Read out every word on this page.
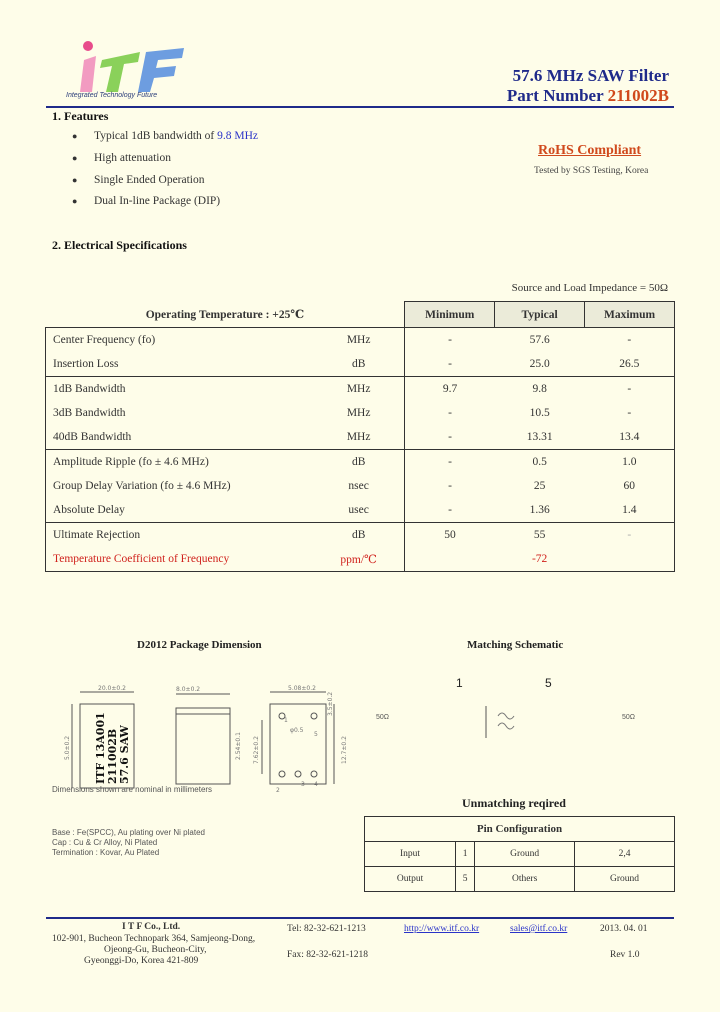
Integrated Technology Future
57.6 MHz SAW Filter
Part Number 211002B
1. Features
● Typical 1dB bandwidth of 9.8 MHz
● High attenuation
● Single Ended Operation
● Dual In-line Package (DIP)
RoHS Compliant
Tested by SGS Testing, Korea
2. Electrical Specifications
Source and Load Impedance = 50Ω
Operating Temperature : +25℃		Minimum	Typical	Maximum
Center Frequency (fo)	MHz	-	57.6	-
Insertion Loss	dB	-	25.0	26.5
1dB Bandwidth	MHz	9.7	9.8	-
3dB Bandwidth	MHz	-	10.5	-
40dB Bandwidth	MHz	-	13.31	13.4
Amplitude Ripple (fo ± 4.6 MHz)	dB	-	0.5	1.0
Group Delay Variation (fo ± 4.6 MHz)	nsec	-	25	60
Absolute Delay	usec	-	1.36	1.4
Ultimate Rejection	dB	50	55	-
Temperature Coefficient of Frequency	ppm/℃		-72	
D2012 Package Dimension
ITF 13A001 211002B 57.6 SAW
20.0±0.2
5.0±0.2
8.0±0.2
2.54±0.1
5.08±0.2
7.62±0.2	12.7±0.2
φ0.5
3.5±0.2
2
1
4
5
3
Dimensions shown are nominal in millimeters
Base : Fe(SPCC), Au plating over Ni plated
Cap : Cu & Cr Alloy, Ni Plated
Termination : Kovar, Au Plated
Matching Schematic
1	5
50Ω	50Ω
Unmatching reqired
Pin Configuration			
Input	1	Ground	2,4
Output	5	Others	Ground
I T F Co., Ltd.
102-901, Bucheon Technopark 364, Samjeong-Dong,
Ojeong-Gu, Bucheon-City,
Gyeonggi-Do, Korea 421-809
Tel: 82-32-621-1213
Fax: 82-32-621-1218
http://www.itf.co.kr	sales@itf.co.kr	2013. 04. 01
Rev 1.0
